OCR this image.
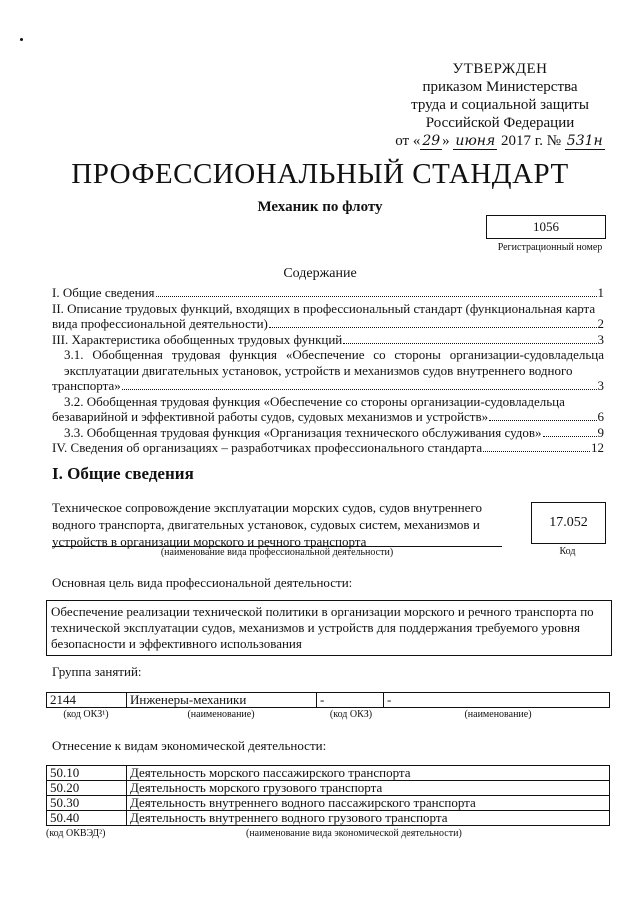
УТВЕРЖДЕН
приказом Министерства
труда и социальной защиты
Российской Федерации
от « 29 » июня 2017 г. № 531н
ПРОФЕССИОНАЛЬНЫЙ СТАНДАРТ
Механик по флоту
1056
Регистрационный номер
Содержание
I. Общие сведения	1
II. Описание трудовых функций, входящих в профессиональный стандарт (функциональная карта
вида профессиональной деятельности)	2
III. Характеристика обобщенных трудовых функций	3
3.1. Обобщенная трудовая функция «Обеспечение со стороны организации-судовладельца эксплуатации двигательных установок, устройств и механизмов судов внутреннего водного
транспорта»	3
3.2. Обобщенная трудовая функция «Обеспечение со стороны организации-судовладельца
безаварийной и эффективной работы судов, судовых механизмов и устройств»	6
3.3. Обобщенная трудовая функция «Организация технического обслуживания судов»	9
IV. Сведения об организациях – разработчиках профессионального стандарта	12
I. Общие сведения
Техническое сопровождение эксплуатации морских судов, судов внутреннего водного транспорта, двигательных установок, судовых систем, механизмов и устройств в организации морского и речного транспорта
(наименование вида профессиональной деятельности)
17.052
Код
Основная цель вида профессиональной деятельности:
Обеспечение реализации технической политики в организации морского и речного транспорта по технической эксплуатации судов, механизмов и устройств для поддержания требуемого уровня безопасности и эффективного использования
Группа занятий:
2144	Инженеры-механики	-	-
(код ОКЗ¹)	(наименование)	(код ОКЗ)	(наименование)
Отнесение к видам экономической деятельности:
50.10	Деятельность морского пассажирского транспорта
50.20	Деятельность морского грузового транспорта
50.30	Деятельность внутреннего водного пассажирского транспорта
50.40	Деятельность внутреннего водного грузового транспорта
(код ОКВЭД²)	(наименование вида экономической деятельности)
